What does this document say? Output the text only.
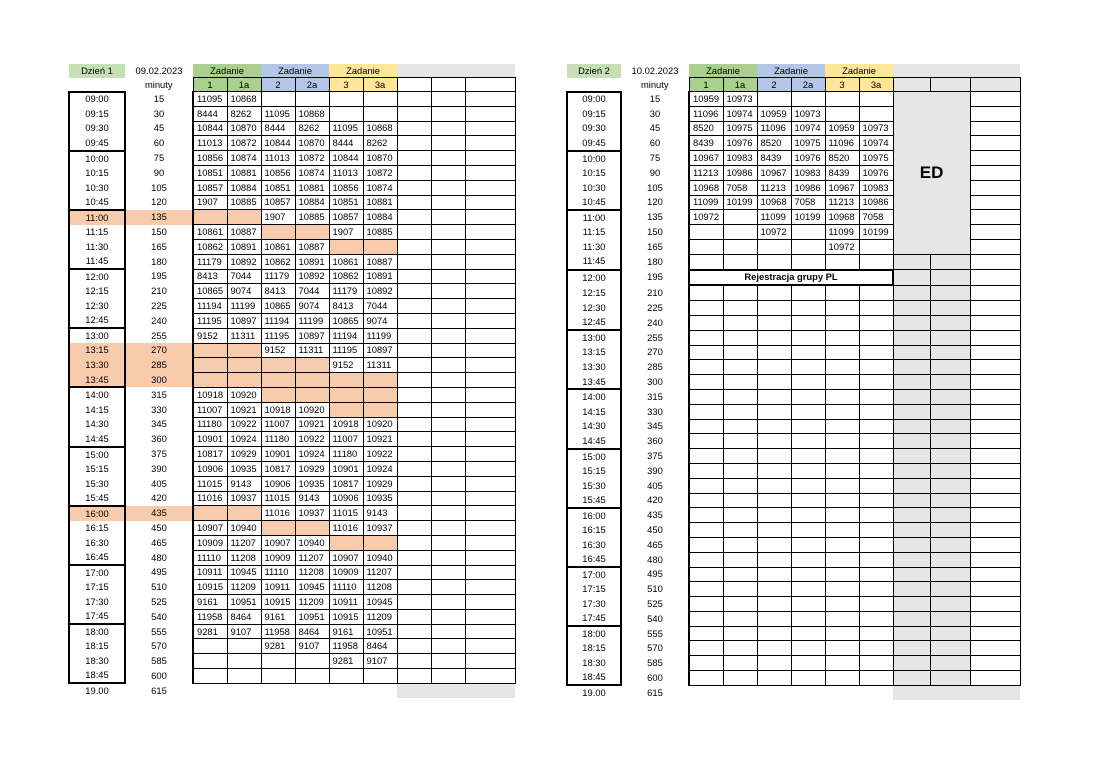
Dzień 1	09.02.2023	Zadanie		Zadanie		Zadanie				
	minuty	1	1a	2	2a	3	3a			
09:00	15	11095	10868							
09:15	30	8444	8262	11095	10868					
09:30	45	10844	10870	8444	8262	11095	10868			
09:45	60	11013	10872	10844	10870	8444	8262			
10:00	75	10856	10874	11013	10872	10844	10870			
10:15	90	10851	10881	10856	10874	11013	10872			
10:30	105	10857	10884	10851	10881	10856	10874			
10:45	120	1907	10885	10857	10884	10851	10881			
11:00	135			1907	10885	10857	10884			
11:15	150	10861	10887			1907	10885			
11:30	165	10862	10891	10861	10887					
11:45	180	11179	10892	10862	10891	10861	10887			
12:00	195	8413	7044	11179	10892	10862	10891			
12:15	210	10865	9074	8413	7044	11179	10892			
12:30	225	11194	11199	10865	9074	8413	7044			
12:45	240	11195	10897	11194	11199	10865	9074			
13:00	255	9152	11311	11195	10897	11194	11199			
13:15	270			9152	11311	11195	10897			
13:30	285					9152	11311			
13:45	300									
14:00	315	10918	10920							
14:15	330	11007	10921	10918	10920					
14:30	345	11180	10922	11007	10921	10918	10920			
14:45	360	10901	10924	11180	10922	11007	10921			
15:00	375	10817	10929	10901	10924	11180	10922			
15:15	390	10906	10935	10817	10929	10901	10924			
15:30	405	11015	9143	10906	10935	10817	10929			
15:45	420	11016	10937	11015	9143	10906	10935			
16:00	435			11016	10937	11015	9143			
16:15	450	10907	10940			11016	10937			
16:30	465	10909	11207	10907	10940					
16:45	480	11110	11208	10909	11207	10907	10940			
17:00	495	10911	10945	11110	11208	10909	11207			
17:15	510	10915	11209	10911	10945	11110	11208			
17:30	525	9161	10951	10915	11209	10911	10945			
17:45	540	11958	8464	9161	10951	10915	11209			
18:00	555	9281	9107	11958	8464	9161	10951			
18:15	570			9281	9107	11958	8464			
18:30	585					9281	9107			
18:45	600									
19.00	615									
Dzień 2	10.02.2023	Zadanie		Zadanie		Zadanie				
	minuty	1	1a	2	2a	3	3a			
09:00	15	10959	10973					ED		
09:15	30	11096	10974	10959	10973					
09:30	45	8520	10975	11096	10974	10959	10973			
09:45	60	8439	10976	8520	10975	11096	10974			
10:00	75	10967	10983	8439	10976	8520	10975			
10:15	90	11213	10986	10967	10983	8439	10976			
10:30	105	10968	7058	11213	10986	10967	10983			
10:45	120	11099	10199	10968	7058	11213	10986			
11:00	135	10972		11099	10199	10968	7058			
11:15	150			10972		11099	10199			
11:30	165					10972				
11:45	180									
12:00	195	Rejestracja grupy PL								
12:15	210									
12:30	225									
12:45	240									
13:00	255									
13:15	270									
13:30	285									
13:45	300									
14:00	315									
14:15	330									
14:30	345									
14:45	360									
15:00	375									
15:15	390									
15:30	405									
15:45	420									
16:00	435									
16:15	450									
16:30	465									
16:45	480									
17:00	495									
17:15	510									
17:30	525									
17:45	540									
18:00	555									
18:15	570									
18:30	585									
18:45	600									
19.00	615									
